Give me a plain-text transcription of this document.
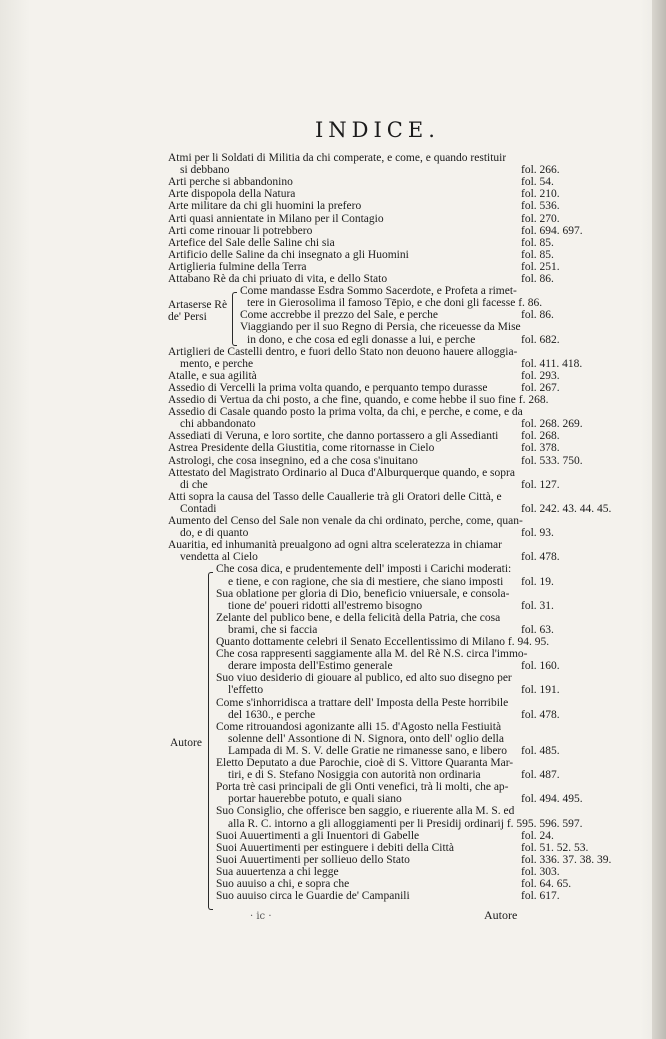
INDICE.
Atmi per li Soldati di Militia da chi comperate, e come, e quando restituir
si debbano	fol. 266.
Arti perche si abbandonino	fol. 54.
Arte dispopola della Natura	fol. 210.
Arte militare da chi gli huomini la prefero	fol. 536.
Arti quasi annientate in Milano per il Contagio	fol. 270.
Arti come rinouar li potrebbero	fol. 694. 697.
Artefice del Sale delle Saline chi sia	fol. 85.
Artificio delle Saline da chi insegnato a gli Huomini	fol. 85.
Artiglieria fulmine della Terra	fol. 251.
Attabano Rè da chi priuato di vita, e dello Stato	fol. 86.
Come mandasse Esdra Sommo Sacerdote, e Profeta a rimet-
tere in Gierosolima il famoso Tēpio, e che doni gli facesse f. 86.
Come accrebbe il prezzo del Sale, e perche	fol. 86.
Viaggiando per il suo Regno di Persia, che riceuesse da Mise
in dono, e che cosa ed egli donasse a lui, e perche	fol. 682.
Artiglieri de Castelli dentro, e fuori dello Stato non deuono hauere alloggia-
mento, e perche	fol. 411. 418.
Atalle, e sua agilità	fol. 293.
Assedio di Vercelli la prima volta quando, e perquanto tempo durasse	fol. 267.
Assedio di Vertua da chi posto, a che fine, quando, e come hebbe il suo fine f. 268.
Assedio di Casale quando posto la prima volta, da chi, e perche, e come, e da
chi abbandonato	fol. 268. 269.
Assediati di Veruna, e loro sortite, che danno portassero a gli Assedianti fol. 268.
Astrea Presidente della Giustitia, come ritornasse in Cielo	fol. 378.
Astrologi, che cosa insegnino, ed a che cosa s'inuitano	fol. 533. 750.
Attestato del Magistrato Ordinario al Duca d'Alburquerque quando, e sopra
di che	fol. 127.
Atti sopra la causa del Tasso delle Cauallerie trà gli Oratori delle Città, e
Contadi	fol. 242. 43. 44. 45.
Aumento del Censo del Sale non venale da chi ordinato, perche, come, quan-
do, e di quanto	fol. 93.
Auaritia, ed inhumanità preualgono ad ogni altra sceleratezza in chiamar
vendetta al Cielo	fol. 478.
Che cosa dica, e prudentemente dell' imposti i Carichi moderati:
e tiene, e con ragione, che sia di mestiere, che siano imposti fol. 19.
Sua oblatione per gloria di Dio, beneficio vniuersale, e consola-
tione de' poueri ridotti all'estremo bisogno	fol. 31.
Zelante del publico bene, e della felicità della Patria, che cosa
brami, che si faccia	fol. 63.
Quanto dottamente celebri il Senato Eccellentissimo di Milano f. 94. 95.
Che cosa rappresenti saggiamente alla M. del Rè N.S. circa l'immo-
derare imposta dell'Estimo generale	fol. 160.
Suo viuo desiderio di giouare al publico, ed alto suo disegno per
l'effetto	fol. 191.
Come s'inhorridisca a trattare dell' Imposta della Peste horribile
del 1630., e perche	fol. 478.
Come ritrouandosi agonizante alli 15. d'Agosto nella Festiuità
solenne dell' Assontione di N. Signora, onto dell' oglio della
Lampada di M. S. V. delle Gratie ne rimanesse sano, e libero fol. 485.
Eletto Deputato a due Parochie, cioè di S. Vittore Quaranta Mar-
tiri, e di S. Stefano Nosiggia con autorità non ordinaria	fol. 487.
Porta trè casi principali de gli Onti venefici, trà li molti, che ap-
portar hauerebbe potuto, e quali siano	fol. 494. 495.
Suo Consiglio, che offerisce ben saggio, e riuerente alla M. S. ed
alla R. C. intorno a gli alloggiamenti per li Presidij ordinarij f. 595. 596. 597.
Suoi Auuertimenti a gli Inuentori di Gabelle	fol. 24.
Suoi Auuertimenti per estinguere i debiti della Città	fol. 51. 52. 53.
Suoi Auuertimenti per sollieuo dello Stato	fol. 336. 37. 38. 39.
Sua auuertenza a chi legge	fol. 303.
Suo auuiso a chi, e sopra che	fol. 64. 65.
Suo auuiso circa le Guardie de' Campanili	fol. 617.
Artaserse Rè
de' Persi
Autore
· ic ·	Autore
